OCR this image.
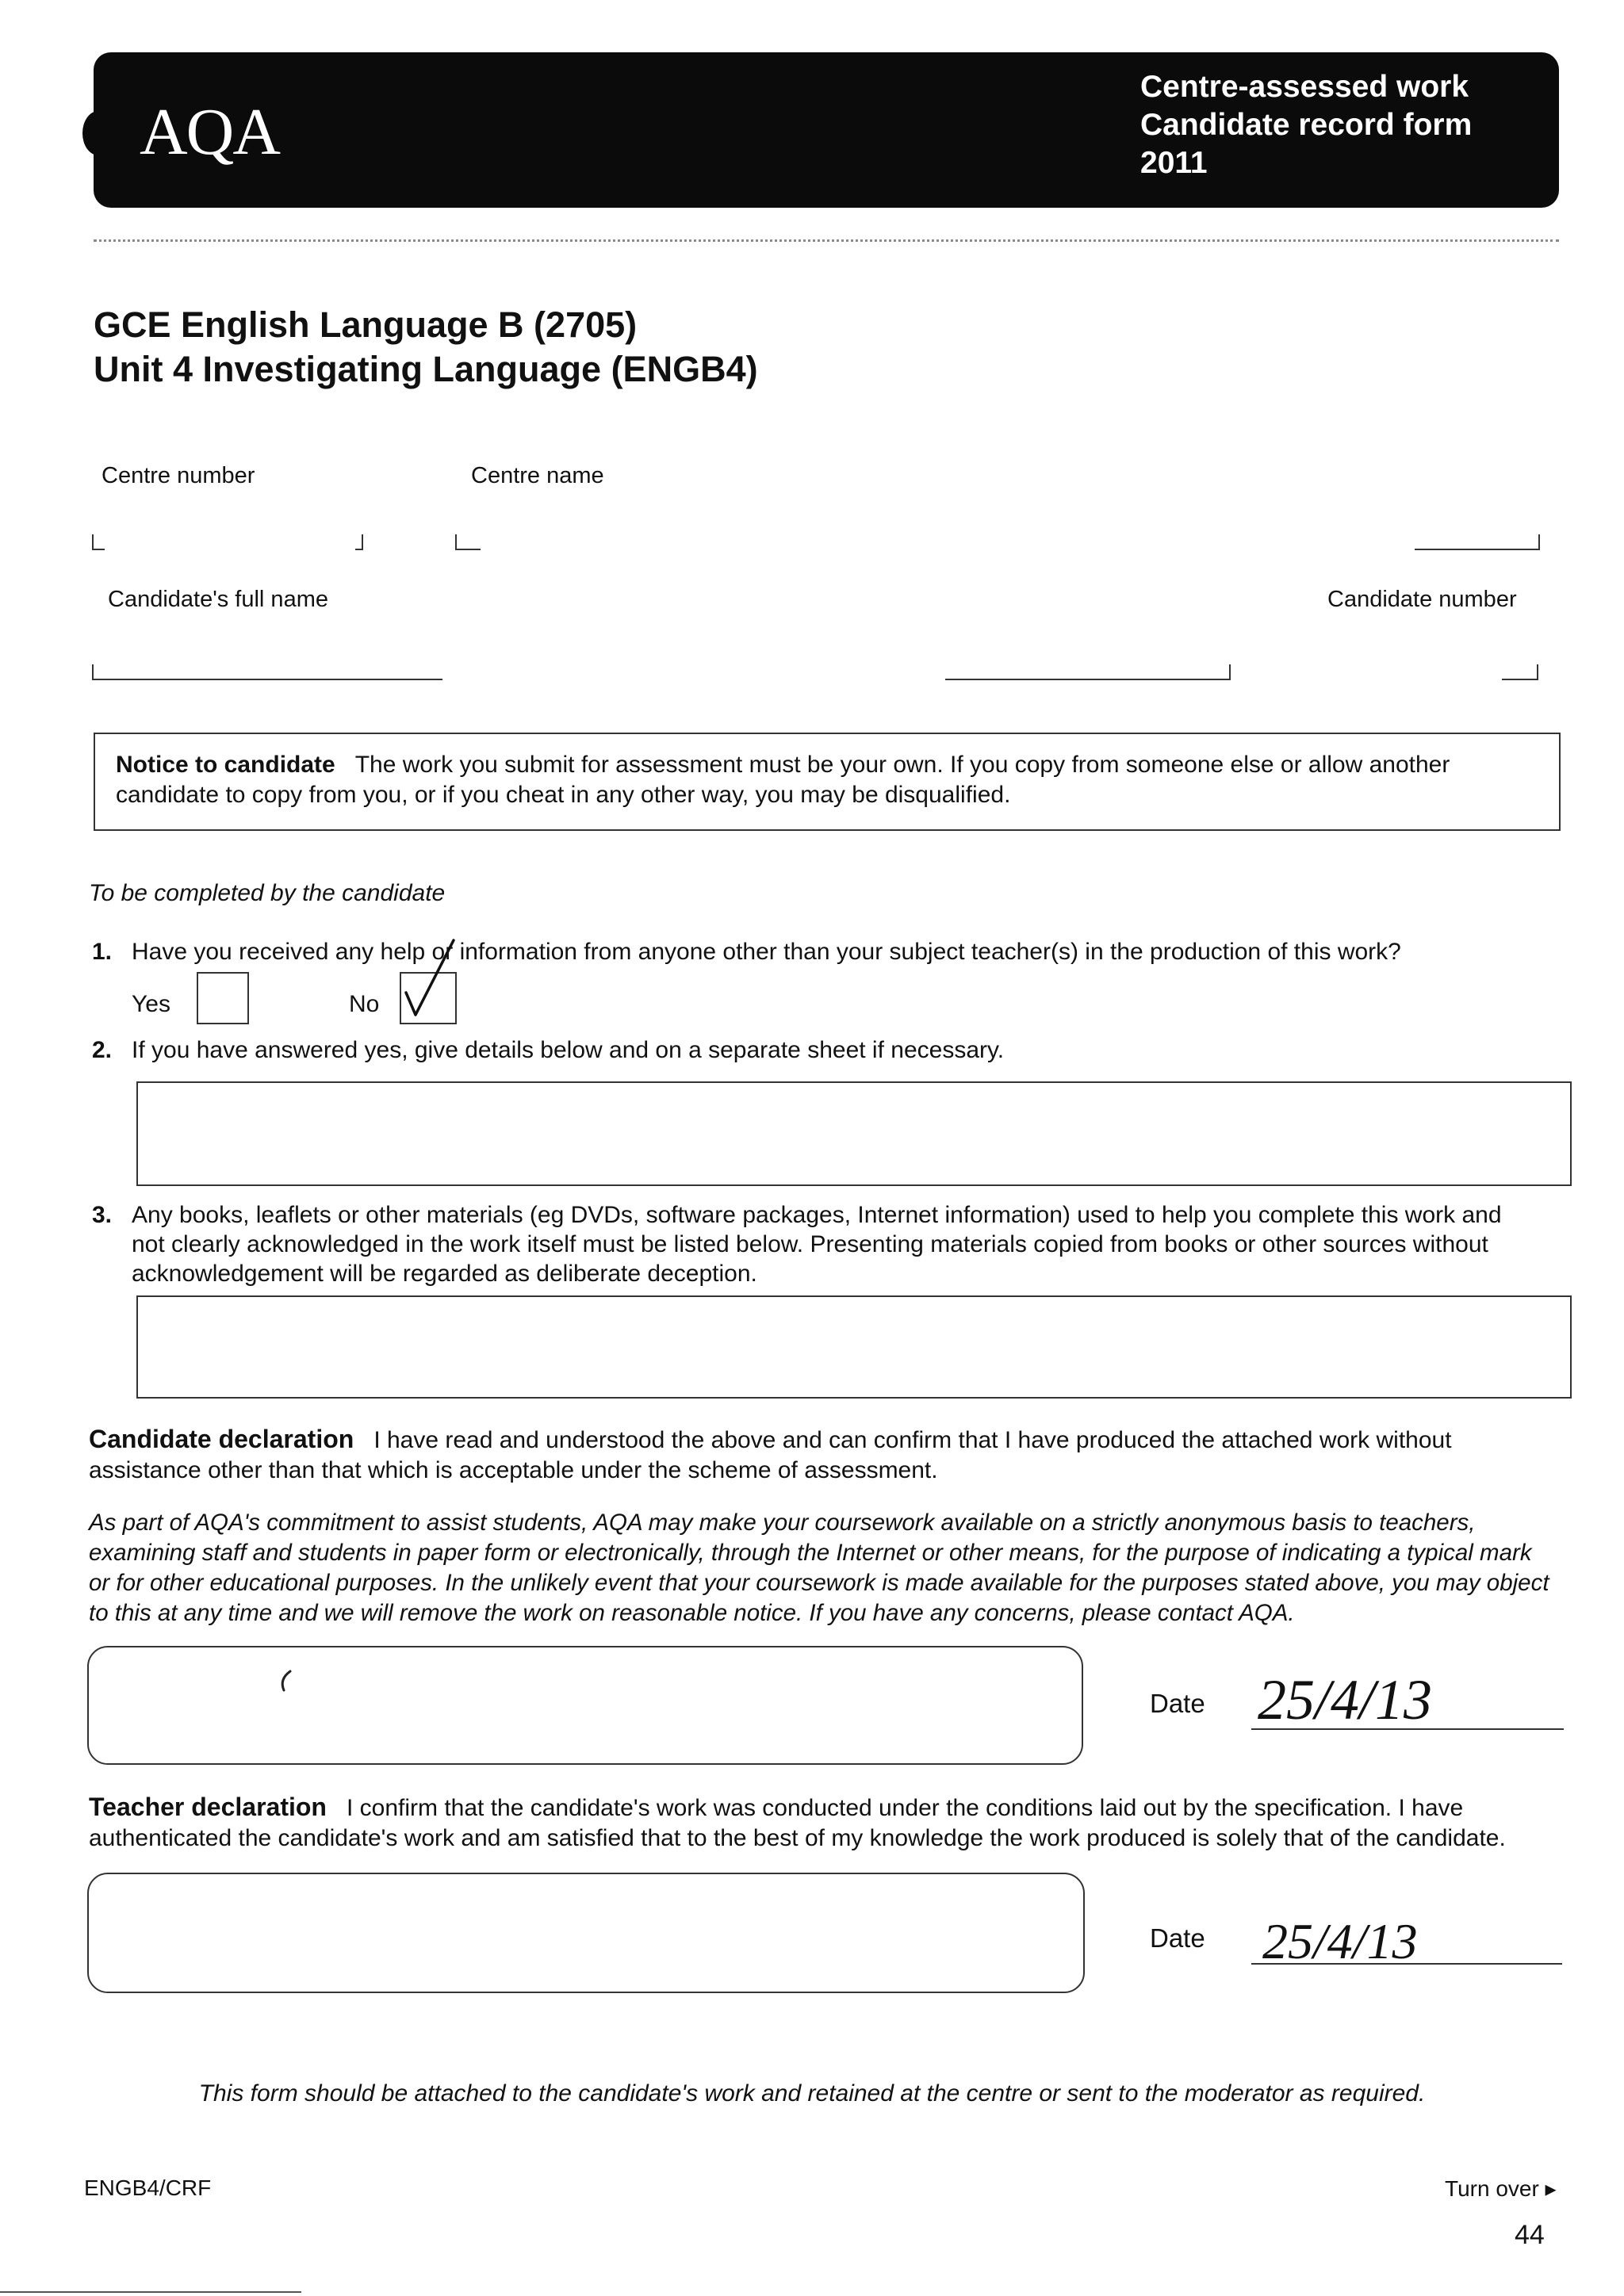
AQA
Centre-assessed work
Candidate record form
2011
GCE English Language B (2705)
Unit 4 Investigating Language (ENGB4)
Centre number	Centre name
Candidate's full name	Candidate number
Notice to candidate The work you submit for assessment must be your own. If you copy from someone else or allow another candidate to copy from you, or if you cheat in any other way, you may be disqualified.
To be completed by the candidate
1. Have you received any help or information from anyone other than your subject teacher(s) in the production of this work?
Yes	No
2. If you have answered yes, give details below and on a separate sheet if necessary.
3. Any books, leaflets or other materials (eg DVDs, software packages, Internet information) used to help you complete this work and not clearly acknowledged in the work itself must be listed below. Presenting materials copied from books or other sources without acknowledgement will be regarded as deliberate deception.
Candidate declaration I have read and understood the above and can confirm that I have produced the attached work without assistance other than that which is acceptable under the scheme of assessment.
As part of AQA's commitment to assist students, AQA may make your coursework available on a strictly anonymous basis to teachers, examining staff and students in paper form or electronically, through the Internet or other means, for the purpose of indicating a typical mark or for other educational purposes. In the unlikely event that your coursework is made available for the purposes stated above, you may object to this at any time and we will remove the work on reasonable notice. If you have any concerns, please contact AQA.
Date 25/4/13
Teacher declaration I confirm that the candidate's work was conducted under the conditions laid out by the specification. I have authenticated the candidate's work and am satisfied that to the best of my knowledge the work produced is solely that of the candidate.
Date 25/4/13
This form should be attached to the candidate's work and retained at the centre or sent to the moderator as required.
ENGB4/CRF	Turn over ▸
44
